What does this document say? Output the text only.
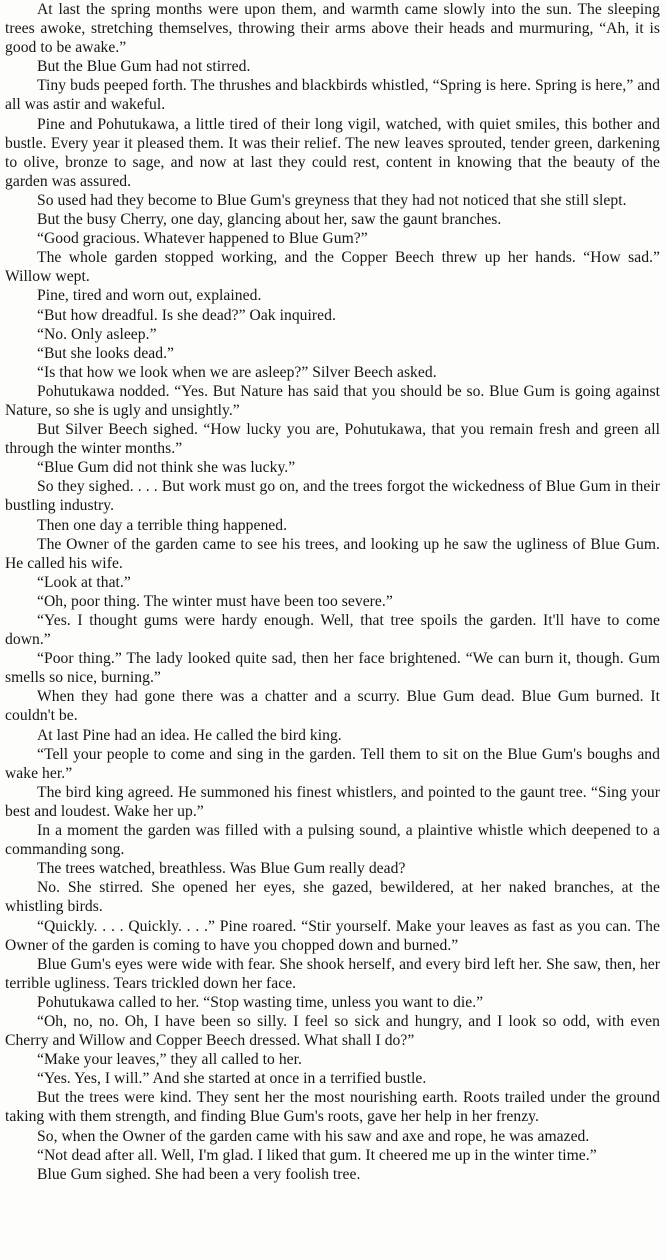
At last the spring months were upon them, and warmth came slowly into the sun. The sleeping trees awoke, stretching themselves, throwing their arms above their heads and murmuring, “Ah, it is good to be awake.”

But the Blue Gum had not stirred.

Tiny buds peeped forth. The thrushes and blackbirds whistled, “Spring is here. Spring is here,” and all was astir and wakeful.

Pine and Pohutukawa, a little tired of their long vigil, watched, with quiet smiles, this bother and bustle. Every year it pleased them. It was their relief. The new leaves sprouted, tender green, darkening to olive, bronze to sage, and now at last they could rest, content in knowing that the beauty of the garden was assured.

So used had they become to Blue Gum's greyness that they had not noticed that she still slept.

But the busy Cherry, one day, glancing about her, saw the gaunt branches.

“Good gracious. Whatever happened to Blue Gum?”

The whole garden stopped working, and the Copper Beech threw up her hands. “How sad.” Willow wept.

Pine, tired and worn out, explained.

“But how dreadful. Is she dead?” Oak inquired.

“No. Only asleep.”

“But she looks dead.”

“Is that how we look when we are asleep?” Silver Beech asked.

Pohutukawa nodded. “Yes. But Nature has said that you should be so. Blue Gum is going against Nature, so she is ugly and unsightly.”

But Silver Beech sighed. “How lucky you are, Pohutukawa, that you remain fresh and green all through the winter months.”

“Blue Gum did not think she was lucky.”

So they sighed. . . . But work must go on, and the trees forgot the wickedness of Blue Gum in their bustling industry.

Then one day a terrible thing happened.

The Owner of the garden came to see his trees, and looking up he saw the ugliness of Blue Gum. He called his wife.

“Look at that.”

“Oh, poor thing. The winter must have been too severe.”

“Yes. I thought gums were hardy enough. Well, that tree spoils the garden. It'll have to come down.”

“Poor thing.” The lady looked quite sad, then her face brightened. “We can burn it, though. Gum smells so nice, burning.”

When they had gone there was a chatter and a scurry. Blue Gum dead. Blue Gum burned. It couldn't be.

At last Pine had an idea. He called the bird king.

“Tell your people to come and sing in the garden. Tell them to sit on the Blue Gum's boughs and wake her.”

The bird king agreed. He summoned his finest whistlers, and pointed to the gaunt tree. “Sing your best and loudest. Wake her up.”

In a moment the garden was filled with a pulsing sound, a plaintive whistle which deepened to a commanding song.

The trees watched, breathless. Was Blue Gum really dead?

No. She stirred. She opened her eyes, she gazed, bewildered, at her naked branches, at the whistling birds.

“Quickly. . . . Quickly. . . .” Pine roared. “Stir yourself. Make your leaves as fast as you can. The Owner of the garden is coming to have you chopped down and burned.”

Blue Gum's eyes were wide with fear. She shook herself, and every bird left her. She saw, then, her terrible ugliness. Tears trickled down her face.

Pohutukawa called to her. “Stop wasting time, unless you want to die.”

“Oh, no, no. Oh, I have been so silly. I feel so sick and hungry, and I look so odd, with even Cherry and Willow and Copper Beech dressed. What shall I do?”

“Make your leaves,” they all called to her.

“Yes. Yes, I will.” And she started at once in a terrified bustle.

But the trees were kind. They sent her the most nourishing earth. Roots trailed under the ground taking with them strength, and finding Blue Gum's roots, gave her help in her frenzy.

So, when the Owner of the garden came with his saw and axe and rope, he was amazed.

“Not dead after all. Well, I'm glad. I liked that gum. It cheered me up in the winter time.”

Blue Gum sighed. She had been a very foolish tree.
